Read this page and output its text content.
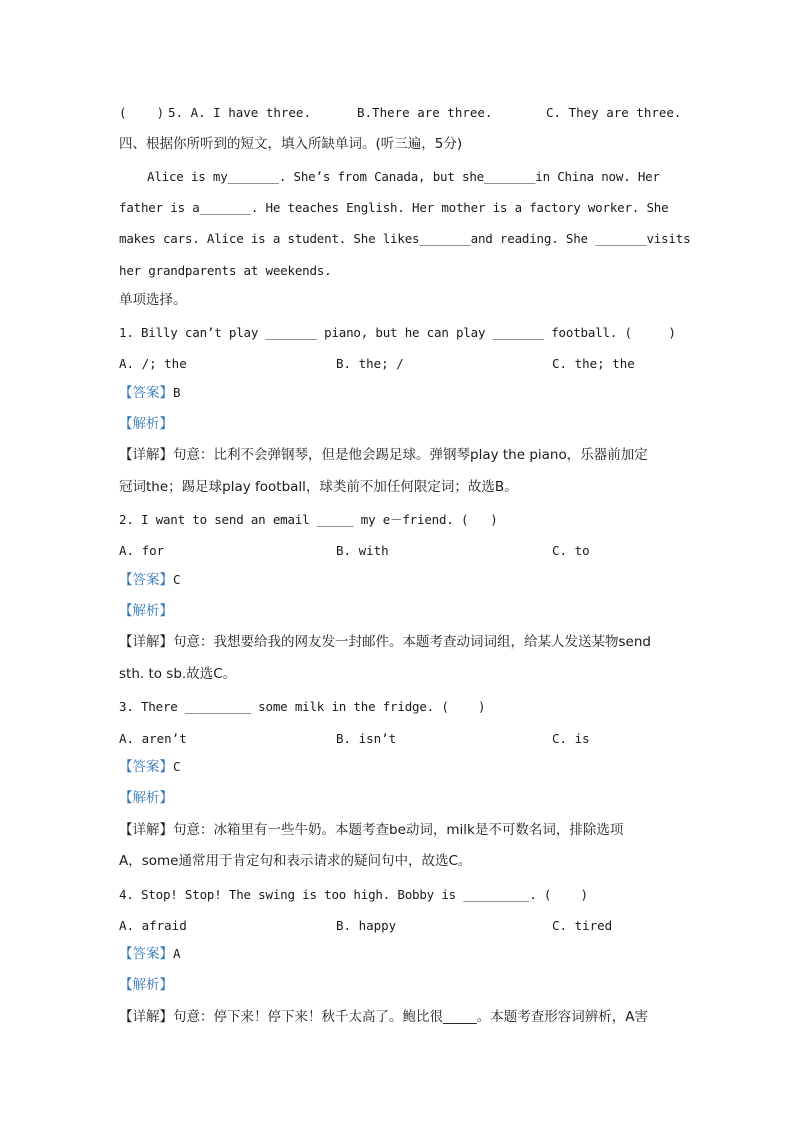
(    ) 5. A. I have three.	B.There are three.	C. They are three.
四、根据你所听到的短文，填入所缺单词。(听三遍，5分)
Alice is my_______. She’s from Canada, but she_______in China now. Her
father is a_______. He teaches English. Her mother is a factory worker. She
makes cars. Alice is a student. She likes_______and reading. She _______visits
her grandparents at weekends.
单项选择。
1. Billy can’t play _______ piano, but he can play _______ football. (     )
A. /; the	B. the; /	C. the; the
【答案】B
【解析】
【详解】句意：比利不会弹钢琴，但是他会踢足球。弹钢琴play the piano，乐器前加定
冠词the；踢足球play football，球类前不加任何限定词；故选B。
2. I want to send an email _____ my e－friend. (   )
A. for	B. with	C. to
【答案】C
【解析】
【详解】句意：我想要给我的网友发一封邮件。本题考查动词词组，给某人发送某物send
sth. to sb.故选C。
3. There _________ some milk in the fridge. (    )
A. aren’t	B. isn’t	C. is
【答案】C
【解析】
【详解】句意：冰箱里有一些牛奶。本题考查be动词，milk是不可数名词，排除选项
A，some通常用于肯定句和表示请求的疑问句中，故选C。
4. Stop! Stop! The swing is too high. Bobby is _________. (    )
A. afraid	B. happy	C. tired
【答案】A
【解析】
【详解】句意：停下来！停下来！秋千太高了。鲍比很_____。本题考查形容词辨析，A害
